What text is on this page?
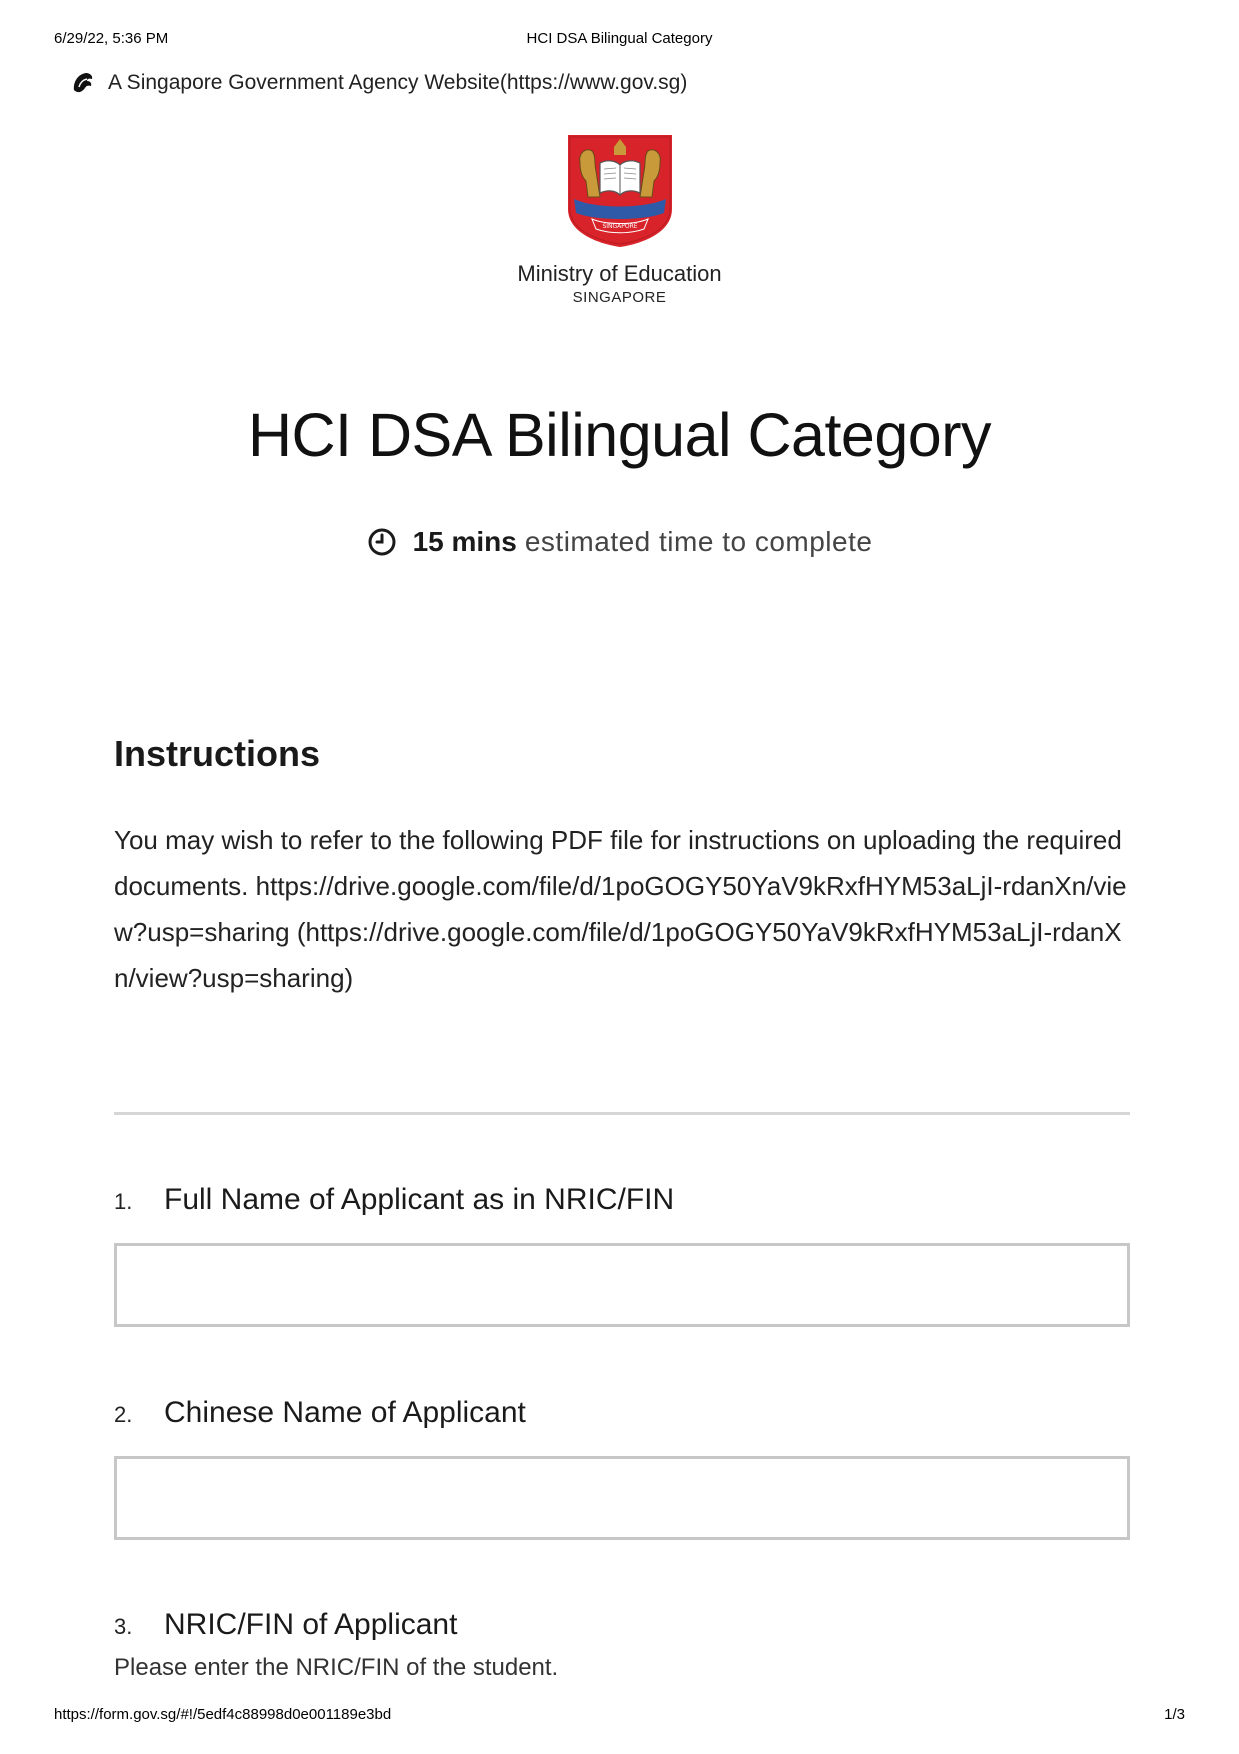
6/29/22, 5:36 PM	HCI DSA Bilingual Category
A Singapore Government Agency Website(https://www.gov.sg)
SINGAPORE
Ministry of Education
SINGAPORE
HCI DSA Bilingual Category
15 mins estimated time to complete
Instructions

You may wish to refer to the following PDF file for instructions on uploading the required documents. https://drive.google.com/file/d/1poGOGY50YaV9kRxfHYM53aLjI-rdanXn/view?usp=sharing (https://drive.google.com/file/d/1poGOGY50YaV9kRxfHYM53aLjI-rdanXn/view?usp=sharing)

1.	Full Name of Applicant as in NRIC/FIN
2.	Chinese Name of Applicant
3.	NRIC/FIN of Applicant
Please enter the NRIC/FIN of the student.
https://form.gov.sg/#!/5edf4c88998d0e001189e3bd	1/3
